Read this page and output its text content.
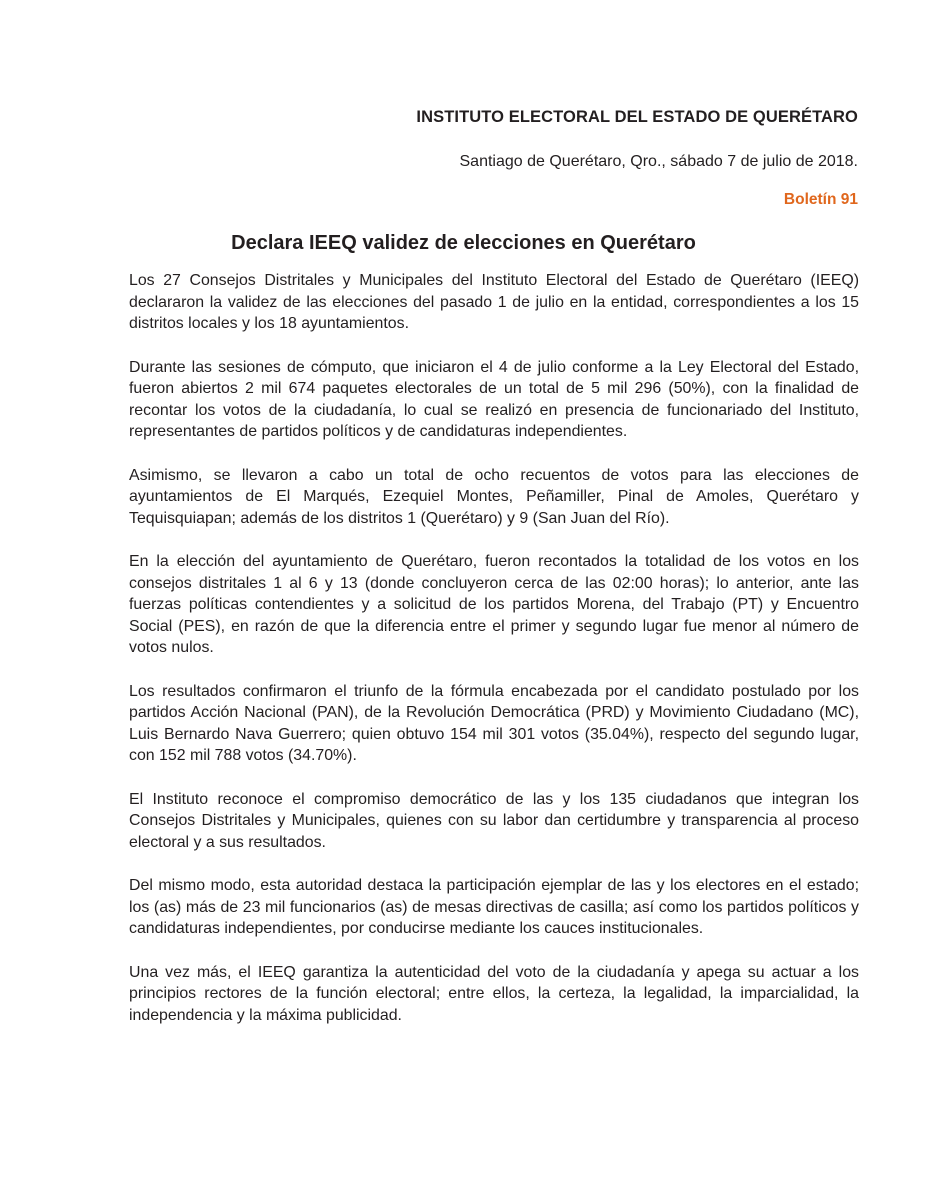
INSTITUTO ELECTORAL DEL ESTADO DE QUERÉTARO

Santiago de Querétaro, Qro., sábado 7 de julio de 2018.

Boletín 91

Declara IEEQ validez de elecciones en Querétaro

Los 27 Consejos Distritales y Municipales del Instituto Electoral del Estado de Querétaro (IEEQ) declararon la validez de las elecciones del pasado 1 de julio en la entidad, correspondientes a los 15 distritos locales y los 18 ayuntamientos.

Durante las sesiones de cómputo, que iniciaron el 4 de julio conforme a la Ley Electoral del Estado, fueron abiertos 2 mil 674 paquetes electorales de un total de 5 mil 296 (50%), con la finalidad de recontar los votos de la ciudadanía, lo cual se realizó en presencia de funcionariado del Instituto, representantes de partidos políticos y de candidaturas independientes.

Asimismo, se llevaron a cabo un total de ocho recuentos de votos para las elecciones de ayuntamientos de El Marqués, Ezequiel Montes, Peñamiller, Pinal de Amoles, Querétaro y Tequisquiapan; además de los distritos 1 (Querétaro) y 9 (San Juan del Río).

En la elección del ayuntamiento de Querétaro, fueron recontados la totalidad de los votos en los consejos distritales 1 al 6 y 13 (donde concluyeron cerca de las 02:00 horas); lo anterior, ante las fuerzas políticas contendientes y a solicitud de los partidos Morena, del Trabajo (PT) y Encuentro Social (PES), en razón de que la diferencia entre el primer y segundo lugar fue menor al número de votos nulos.

Los resultados confirmaron el triunfo de la fórmula encabezada por el candidato postulado por los partidos Acción Nacional (PAN), de la Revolución Democrática (PRD) y Movimiento Ciudadano (MC), Luis Bernardo Nava Guerrero; quien obtuvo 154 mil 301 votos (35.04%), respecto del segundo lugar, con 152 mil 788 votos (34.70%).

El Instituto reconoce el compromiso democrático de las y los 135 ciudadanos que integran los Consejos Distritales y Municipales, quienes con su labor dan certidumbre y transparencia al proceso electoral y a sus resultados.

Del mismo modo, esta autoridad destaca la participación ejemplar de las y los electores en el estado; los (as) más de 23 mil funcionarios (as) de mesas directivas de casilla; así como los partidos políticos y candidaturas independientes, por conducirse mediante los cauces institucionales.

Una vez más, el IEEQ garantiza la autenticidad del voto de la ciudadanía y apega su actuar a los principios rectores de la función electoral; entre ellos, la certeza, la legalidad, la imparcialidad, la independencia y la máxima publicidad.
